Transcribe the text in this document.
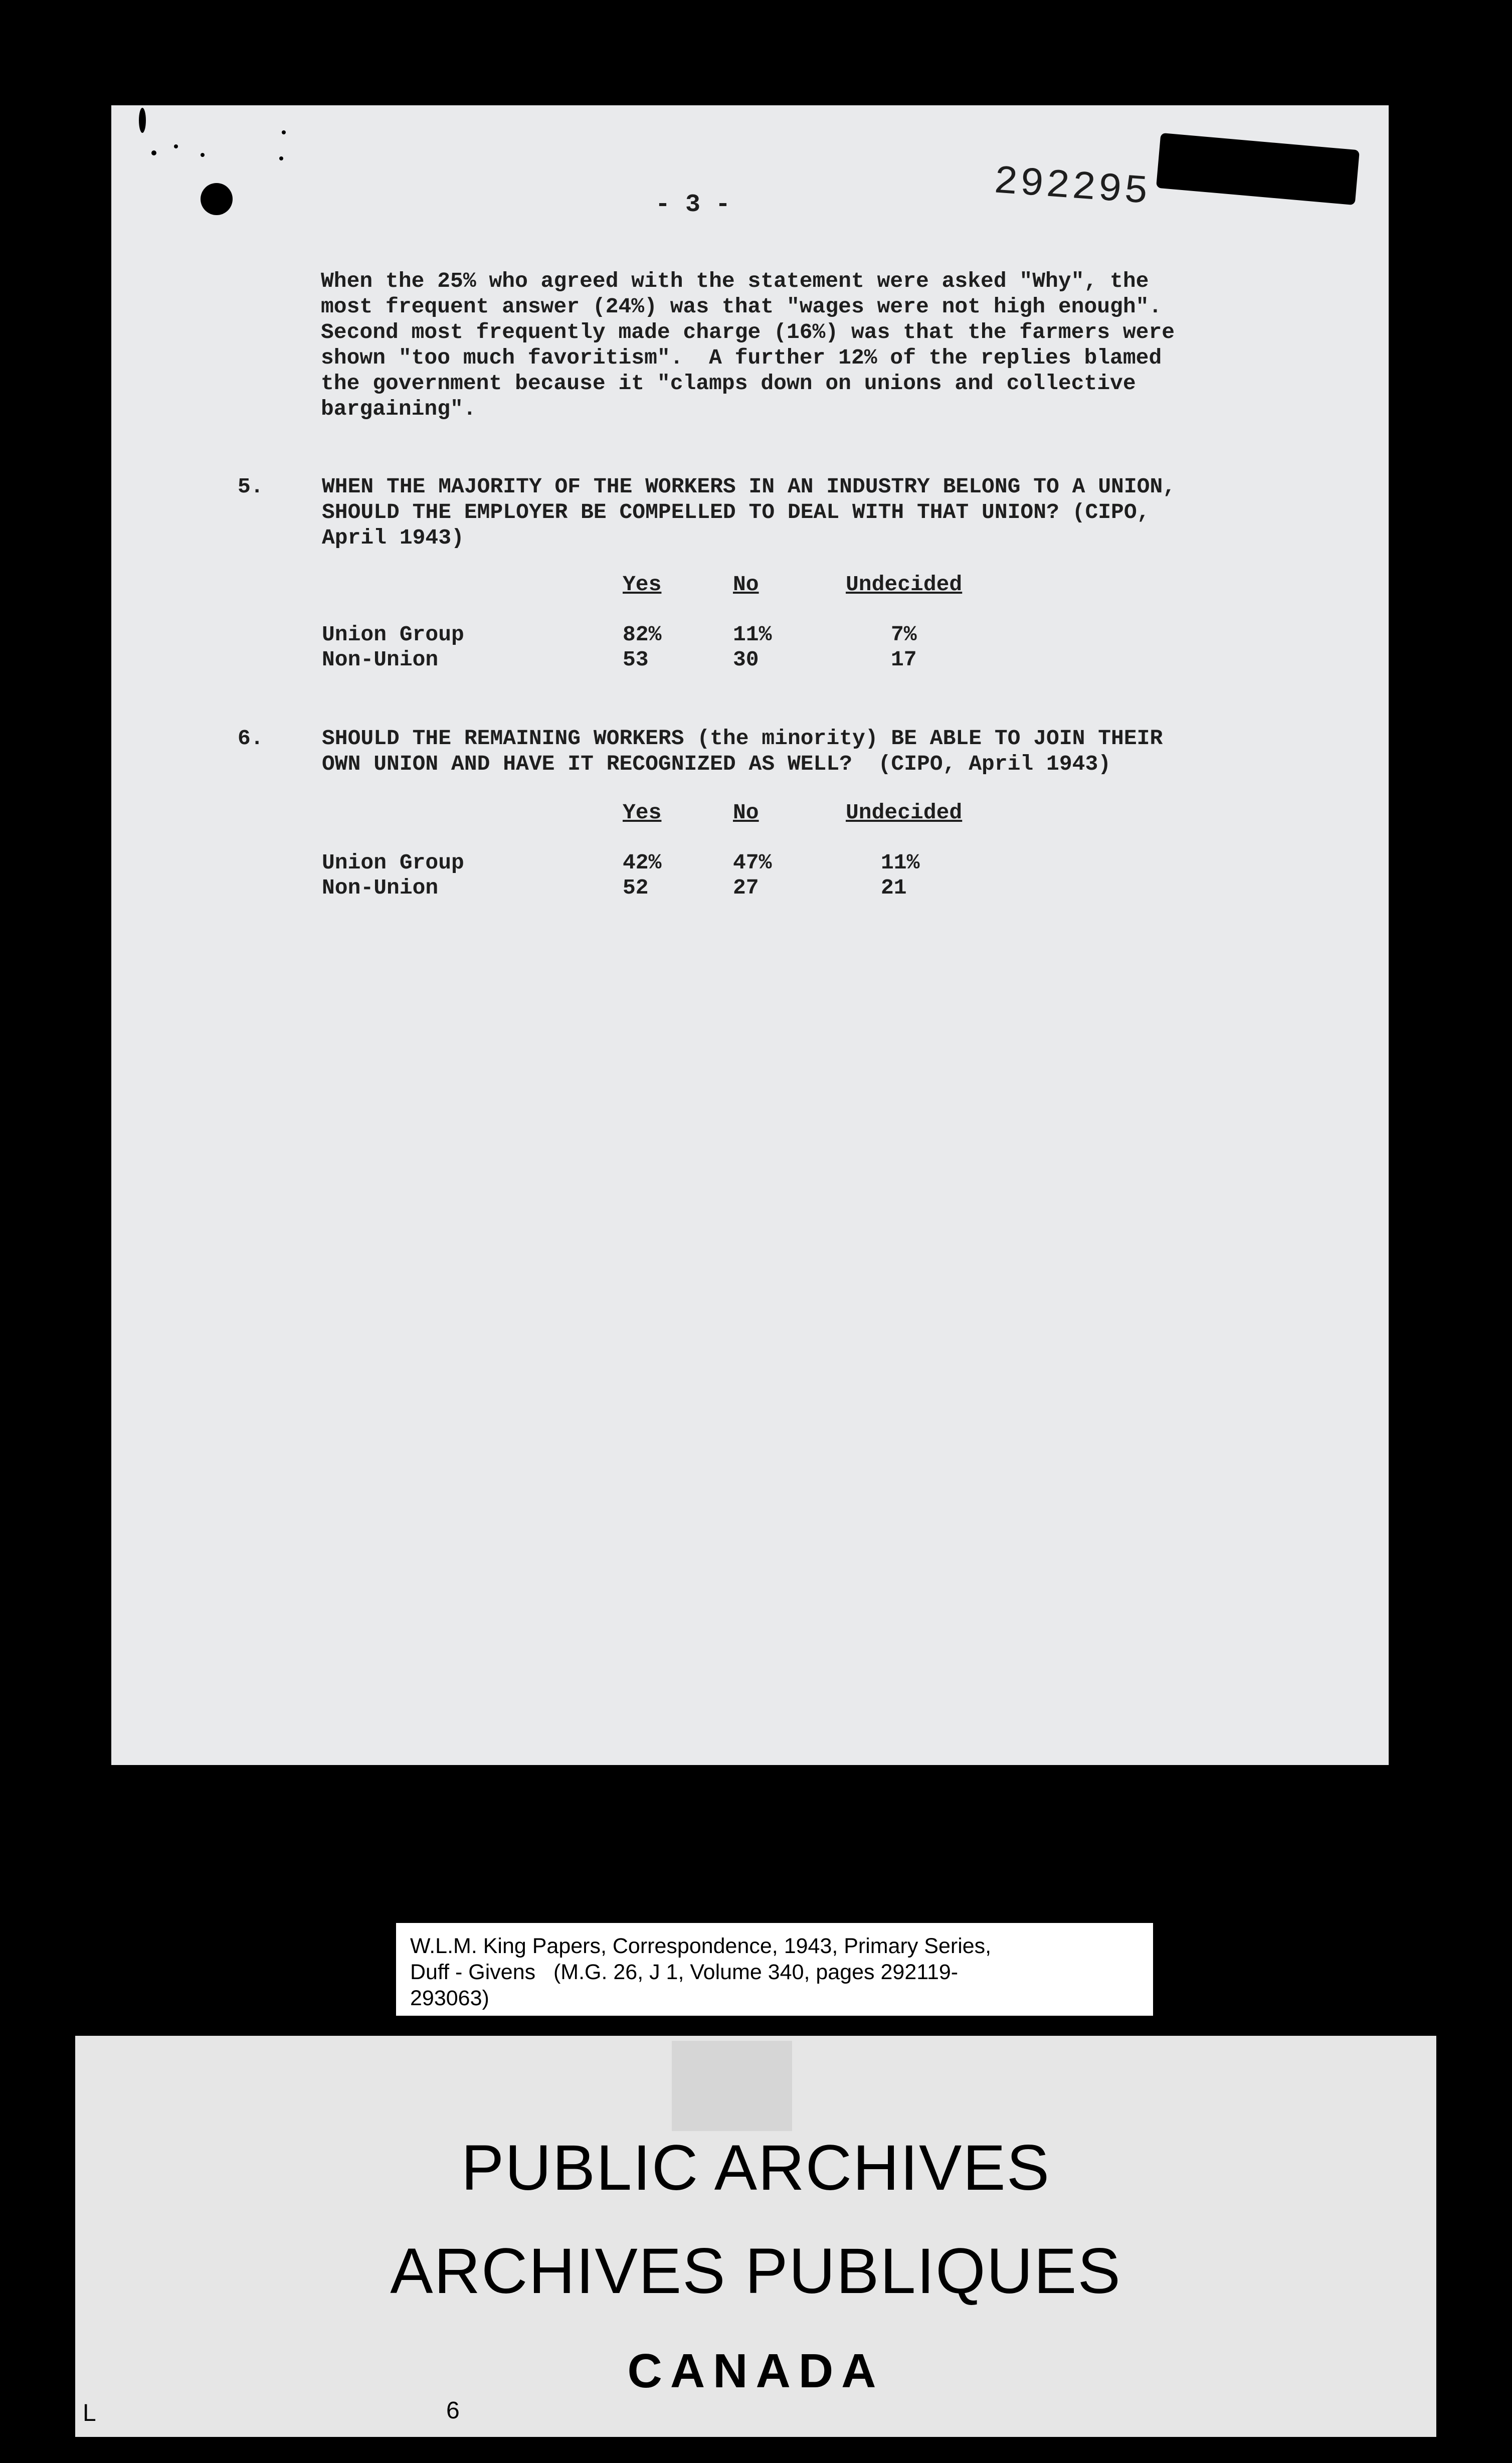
- 3 -	292295
When the 25% who agreed with the statement were asked "Why", the
most frequent answer (24%) was that "wages were not high enough".
Second most frequently made charge (16%) was that the farmers were
shown "too much favoritism".  A further 12% of the replies blamed
the government because it "clamps down on unions and collective
bargaining".
5.	WHEN THE MAJORITY OF THE WORKERS IN AN INDUSTRY BELONG TO A UNION,
SHOULD THE EMPLOYER BE COMPELLED TO DEAL WITH THAT UNION? (CIPO,
April 1943)
Yes	No	Undecided
Union Group	82%	11%	7%
Non-Union	53	30	17
6.	SHOULD THE REMAINING WORKERS (the minority) BE ABLE TO JOIN THEIR
OWN UNION AND HAVE IT RECOGNIZED AS WELL?  (CIPO, April 1943)
Yes	No	Undecided
Union Group	42%	47%	11%
Non-Union	52	27	21
W.L.M. King Papers, Correspondence, 1943, Primary Series,
Duff - Givens   (M.G. 26, J 1, Volume 340, pages 292119-
293063)
PUBLIC ARCHIVES
ARCHIVES PUBLIQUES
CANADA
L	6
